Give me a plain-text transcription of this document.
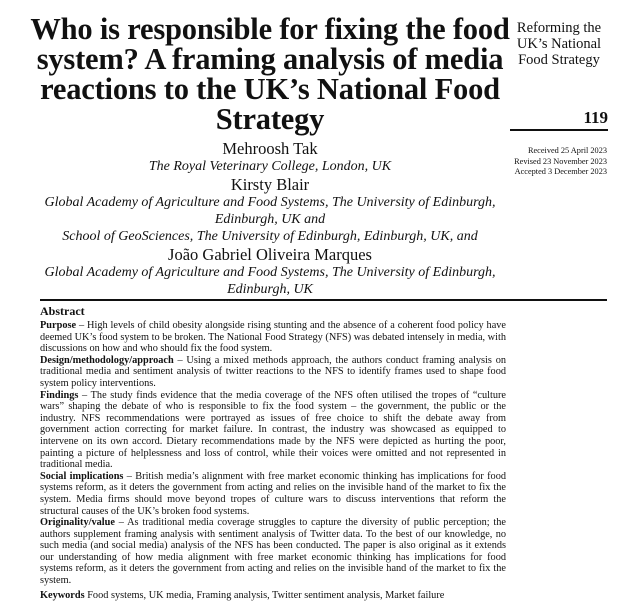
Who is responsible for fixing the food system? A framing analysis of media reactions to the UK’s National Food Strategy
Reforming the UK’s National Food Strategy
119
Received 25 April 2023
Revised 23 November 2023
Accepted 3 December 2023
Mehroosh Tak
The Royal Veterinary College, London, UK
Kirsty Blair
Global Academy of Agriculture and Food Systems, The University of Edinburgh, Edinburgh, UK and
School of GeoSciences, The University of Edinburgh, Edinburgh, UK, and
João Gabriel Oliveira Marques
Global Academy of Agriculture and Food Systems, The University of Edinburgh, Edinburgh, UK
Abstract

Purpose – High levels of child obesity alongside rising stunting and the absence of a coherent food policy have deemed UK’s food system to be broken. The National Food Strategy (NFS) was debated intensely in media, with discussions on how and who should fix the food system.

Design/methodology/approach – Using a mixed methods approach, the authors conduct framing analysis on traditional media and sentiment analysis of twitter reactions to the NFS to identify frames used to shape food system policy interventions.

Findings – The study finds evidence that the media coverage of the NFS often utilised the tropes of “culture wars” shaping the debate of who is responsible to fix the food system – the government, the public or the industry. NFS recommendations were portrayed as issues of free choice to shift the debate away from government action correcting for market failure. In contrast, the industry was showcased as equipped to intervene on its own accord. Dietary recommendations made by the NFS were depicted as hurting the poor, painting a picture of helplessness and loss of control, while their voices were omitted and not represented in traditional media.

Social implications – British media’s alignment with free market economic thinking has implications for food systems reform, as it deters the government from acting and relies on the invisible hand of the market to fix the system. Media firms should move beyond tropes of culture wars to discuss interventions that reform the structural causes of the UK’s broken food systems.

Originality/value – As traditional media coverage struggles to capture the diversity of public perception; the authors supplement framing analysis with sentiment analysis of Twitter data. To the best of our knowledge, no such media (and social media) analysis of the NFS has been conducted. The paper is also original as it extends our understanding of how media alignment with free market economic thinking has implications for food systems reform, as it deters the government from acting and relies on the invisible hand of the market to fix the system.

Keywords Food systems, UK media, Framing analysis, Twitter sentiment analysis, Market failure
